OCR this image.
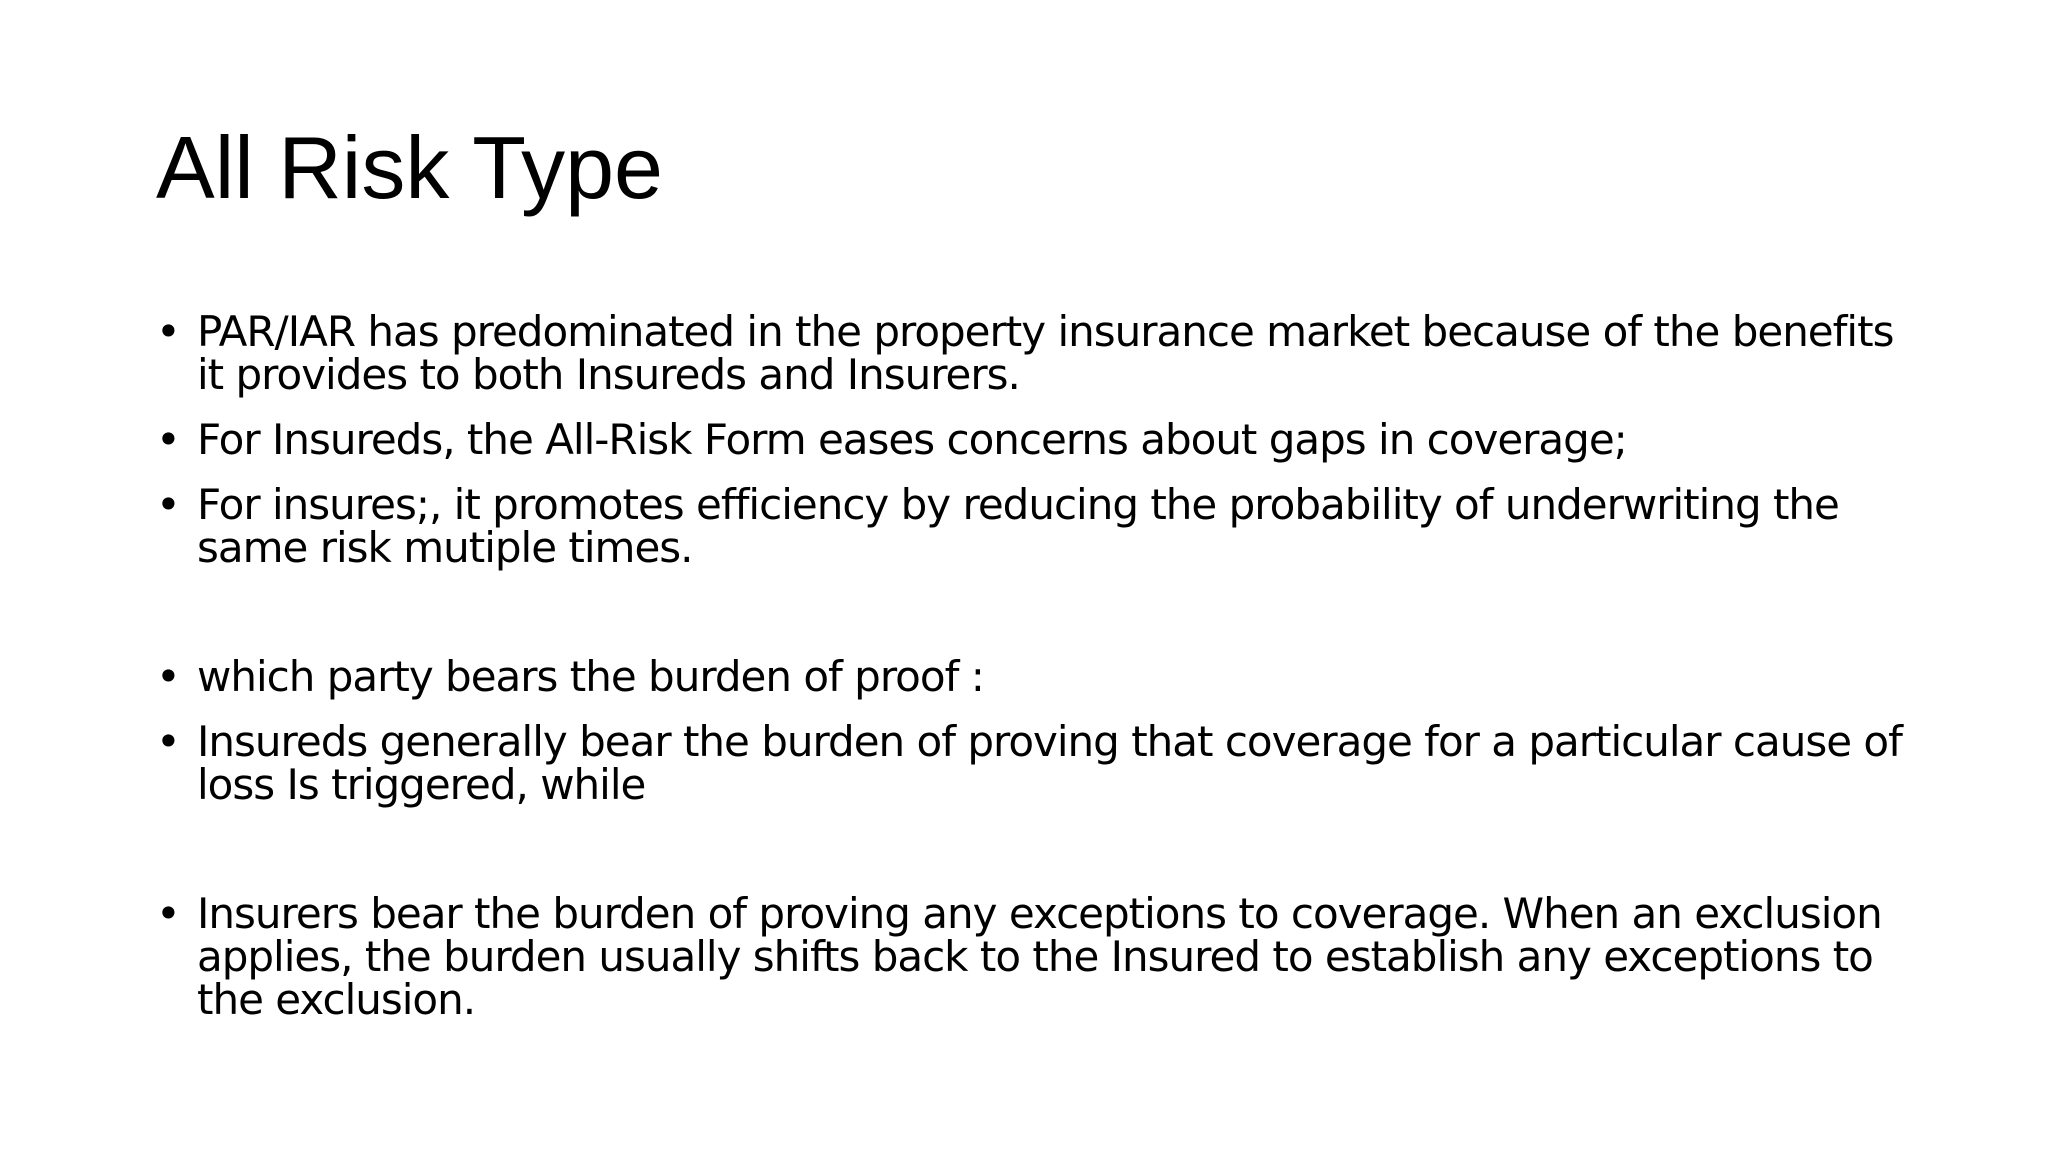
All Risk Type
• PAR/IAR has predominated in the property insurance market because of the benefits it provides to both Insureds and Insurers.
• For Insureds, the All-Risk Form eases concerns about gaps in coverage;
• For insures;, it promotes efficiency by reducing the probability of underwriting the same risk mutiple times.
• which party bears the burden of proof :
• Insureds generally bear the burden of proving that coverage for a particular cause of loss Is triggered, while
• Insurers bear the burden of proving any exceptions to coverage. When an exclusion applies, the burden usually shifts back to the Insured to establish any exceptions to the exclusion.
